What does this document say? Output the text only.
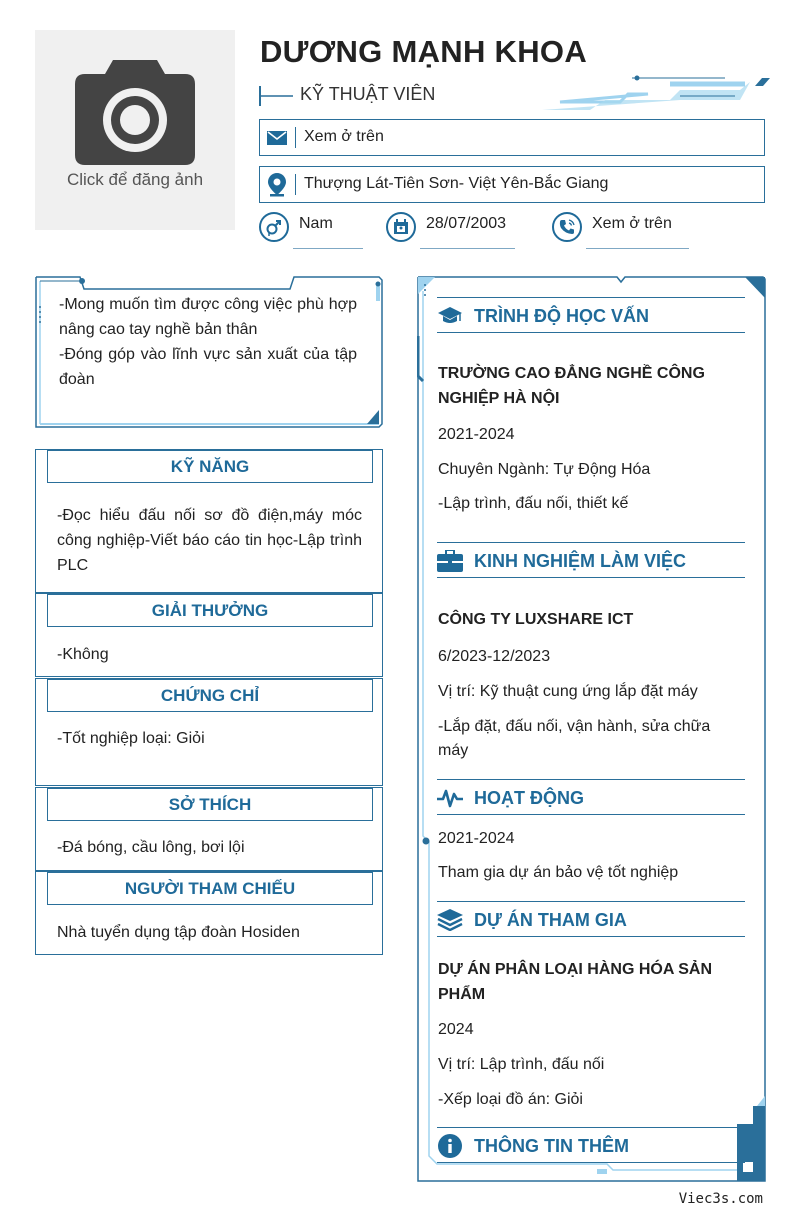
Click để đăng ảnh
DƯƠNG MẠNH KHOA
KỸ THUẬT VIÊN
Xem ở trên
Thượng Lát-Tiên Sơn- Việt Yên-Bắc Giang
Nam	28/07/2003	Xem ở trên
-Mong muốn tìm được công việc phù hợp nâng cao tay nghề bản thân
-Đóng góp vào lĩnh vực sản xuất của tập đoàn
KỸ NĂNG
-Đọc hiểu đấu nối sơ đồ điện,máy móc công nghiệp-Viết báo cáo tin học-Lập trình PLC
GIẢI THƯỞNG
-Không
CHỨNG CHỈ
-Tốt nghiệp loại: Giỏi
SỞ THÍCH
-Đá bóng, cầu lông, bơi lội
NGƯỜI THAM CHIẾU
Nhà tuyển dụng tập đoàn Hosiden
TRÌNH ĐỘ HỌC VẤN
TRƯỜNG CAO ĐẲNG NGHỀ CÔNG NGHIỆP HÀ NỘI
2021-2024
Chuyên Ngành: Tự Động Hóa
-Lập trình, đấu nối, thiết kế
KINH NGHIỆM LÀM VIỆC
CÔNG TY LUXSHARE ICT
6/2023-12/2023
Vị trí: Kỹ thuật cung ứng lắp đặt máy
-Lắp đặt, đấu nối, vận hành, sửa chữa máy
HOẠT ĐỘNG
2021-2024
Tham gia dự án bảo vệ tốt nghiệp
DỰ ÁN THAM GIA
DỰ ÁN PHÂN LOẠI HÀNG HÓA SẢN PHẨM
2024
Vị trí: Lập trình, đấu nối
-Xếp loại đồ án: Giỏi
THÔNG TIN THÊM
Viec3s.com
